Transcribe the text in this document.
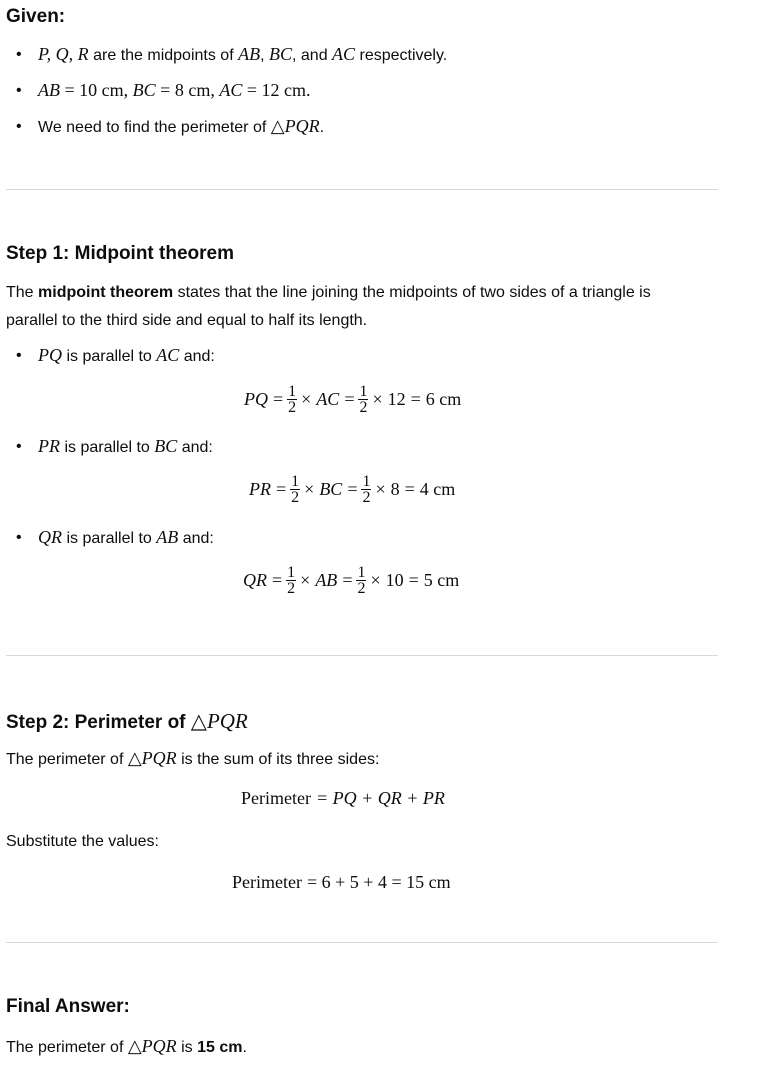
Given:
• P, Q, R are the midpoints of AB, BC, and AC respectively.
• AB = 10 cm, BC = 8 cm, AC = 12 cm.
• We need to find the perimeter of △PQR.
Step 1: Midpoint theorem
The midpoint theorem states that the line joining the midpoints of two sides of a triangle is
parallel to the third side and equal to half its length.
• PQ is parallel to AC and:
PQ = $\frac{1}{2}$ × AC = $\frac{1}{2} \times 12 = 6$ cm
• PR is parallel to BC and:
PR = $\frac{1}{2}$ × BC = $\frac{1}{2} \times 8 = 4$ cm
• QR is parallel to AB and:
QR = $\frac{1}{2}$ × AB = $\frac{1}{2} \times 10 = 5$ cm
Step 2: Perimeter of △PQR
The perimeter of △PQR is the sum of its three sides:
Perimeter = PQ + QR + PR
Substitute the values:
Perimeter = 6 + 5 + 4 = 15 cm
Final Answer:
The perimeter of △PQR is 15 cm.
